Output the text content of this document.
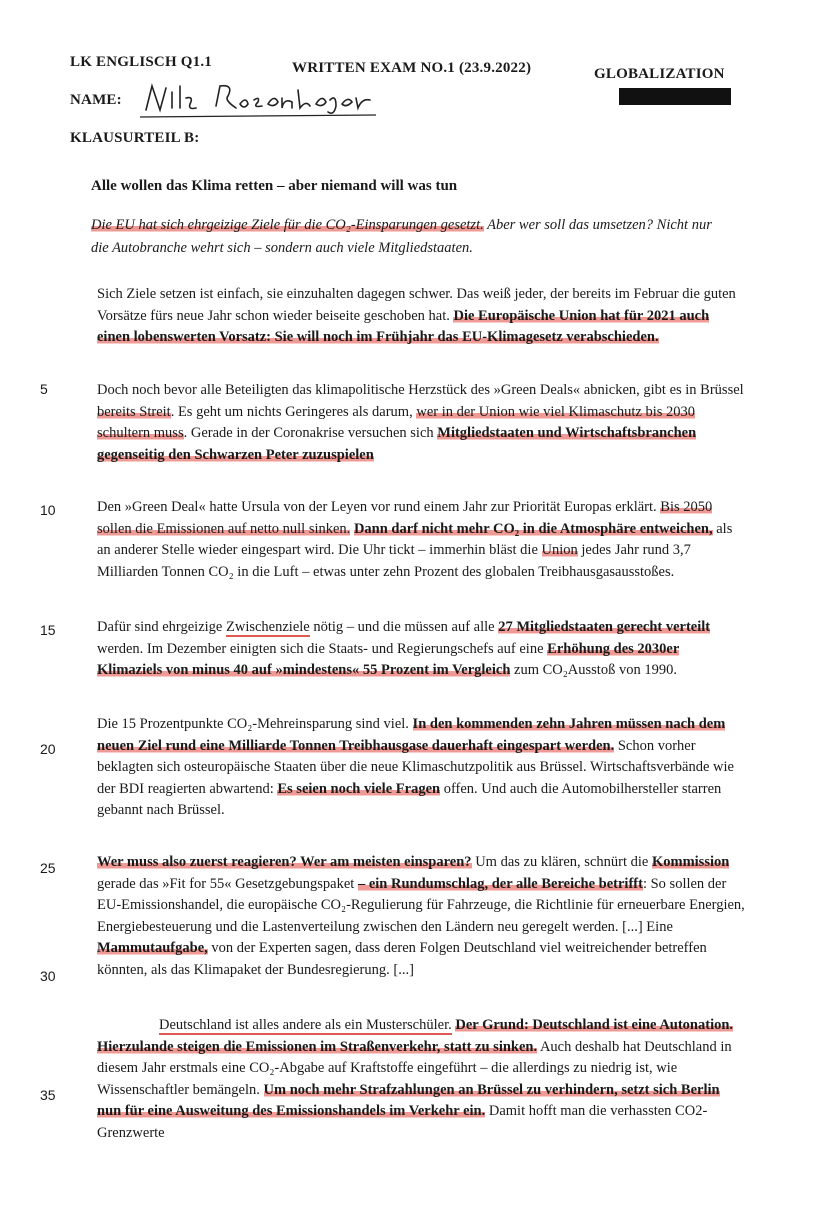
LK ENGLISCH Q1.1	WRITTEN EXAM NO.1 (23.9.2022)	GLOBALIZATION
NAME:
KLAUSURTEIL B:
Alle wollen das Klima retten – aber niemand will was tun
Die EU hat sich ehrgeizige Ziele für die CO₂-Einsparungen gesetzt. Aber wer soll das umsetzen? Nicht nur die Autobranche wehrt sich – sondern auch viele Mitgliedstaaten.

Sich Ziele setzen ist einfach, sie einzuhalten dagegen schwer. Das weiß jeder, der bereits im Februar die guten Vorsätze fürs neue Jahr schon wieder beiseite geschoben hat. Die Europäische Union hat für 2021 auch einen lobenswerten Vorsatz: Sie will noch im Frühjahr das EU-Klimagesetz verabschieden.

Doch noch bevor alle Beteiligten das klimapolitische Herzstück des »Green Deals« abnicken, gibt es in Brüssel bereits Streit. Es geht um nichts Geringeres als darum, wer in der Union wie viel Klimaschutz bis 2030 schultern muss. Gerade in der Coronakrise versuchen sich Mitgliedstaaten und Wirtschaftsbranchen gegenseitig den Schwarzen Peter zuzuspielen

Den »Green Deal« hatte Ursula von der Leyen vor rund einem Jahr zur Priorität Europas erklärt. Bis 2050 sollen die Emissionen auf netto null sinken. Dann darf nicht mehr CO₂ in die Atmosphäre entweichen, als an anderer Stelle wieder eingespart wird. Die Uhr tickt – immerhin bläst die Union jedes Jahr rund 3,7 Milliarden Tonnen CO₂ in die Luft – etwas unter zehn Prozent des globalen Treibhausgasausstoßes.

Dafür sind ehrgeizige Zwischenziele nötig – und die müssen auf alle 27 Mitgliedstaaten gerecht verteilt werden. Im Dezember einigten sich die Staats- und Regierungschefs auf eine Erhöhung des 2030er Klimaziels von minus 40 auf »mindestens« 55 Prozent im Vergleich zum CO₂Ausstoß von 1990.

Die 15 Prozentpunkte CO₂-Mehreinsparung sind viel. In den kommenden zehn Jahren müssen nach dem neuen Ziel rund eine Milliarde Tonnen Treibhausgase dauerhaft eingespart werden. Schon vorher beklagten sich osteuropäische Staaten über die neue Klimaschutzpolitik aus Brüssel. Wirtschaftsverbände wie der BDI reagierten abwartend: Es seien noch viele Fragen offen. Und auch die Automobilhersteller starren gebannt nach Brüssel.

Wer muss also zuerst reagieren? Wer am meisten einsparen? Um das zu klären, schnürt die Kommission gerade das »Fit for 55« Gesetzgebungspaket – ein Rundumschlag, der alle Bereiche betrifft: So sollen der EU-Emissionshandel, die europäische CO₂-Regulierung für Fahrzeuge, die Richtlinie für erneuerbare Energien, Energiebesteuerung und die Lastenverteilung zwischen den Ländern neu geregelt werden. [...] Eine Mammutaufgabe, von der Experten sagen, dass deren Folgen Deutschland viel weitreichender betreffen könnten, als das Klimapaket der Bundesregierung. [...]

Deutschland ist alles andere als ein Musterschüler. Der Grund: Deutschland ist eine Autonation. Hierzulande steigen die Emissionen im Straßenverkehr, statt zu sinken. Auch deshalb hat Deutschland in diesem Jahr erstmals eine CO₂-Abgabe auf Kraftstoffe eingeführt – die allerdings zu niedrig ist, wie Wissenschaftler bemängeln. Um noch mehr Strafzahlungen an Brüssel zu verhindern, setzt sich Berlin nun für eine Ausweitung des Emissionshandels im Verkehr ein. Damit hofft man die verhassten CO2-Grenzwerte

5
10
15
20
25
30
35
